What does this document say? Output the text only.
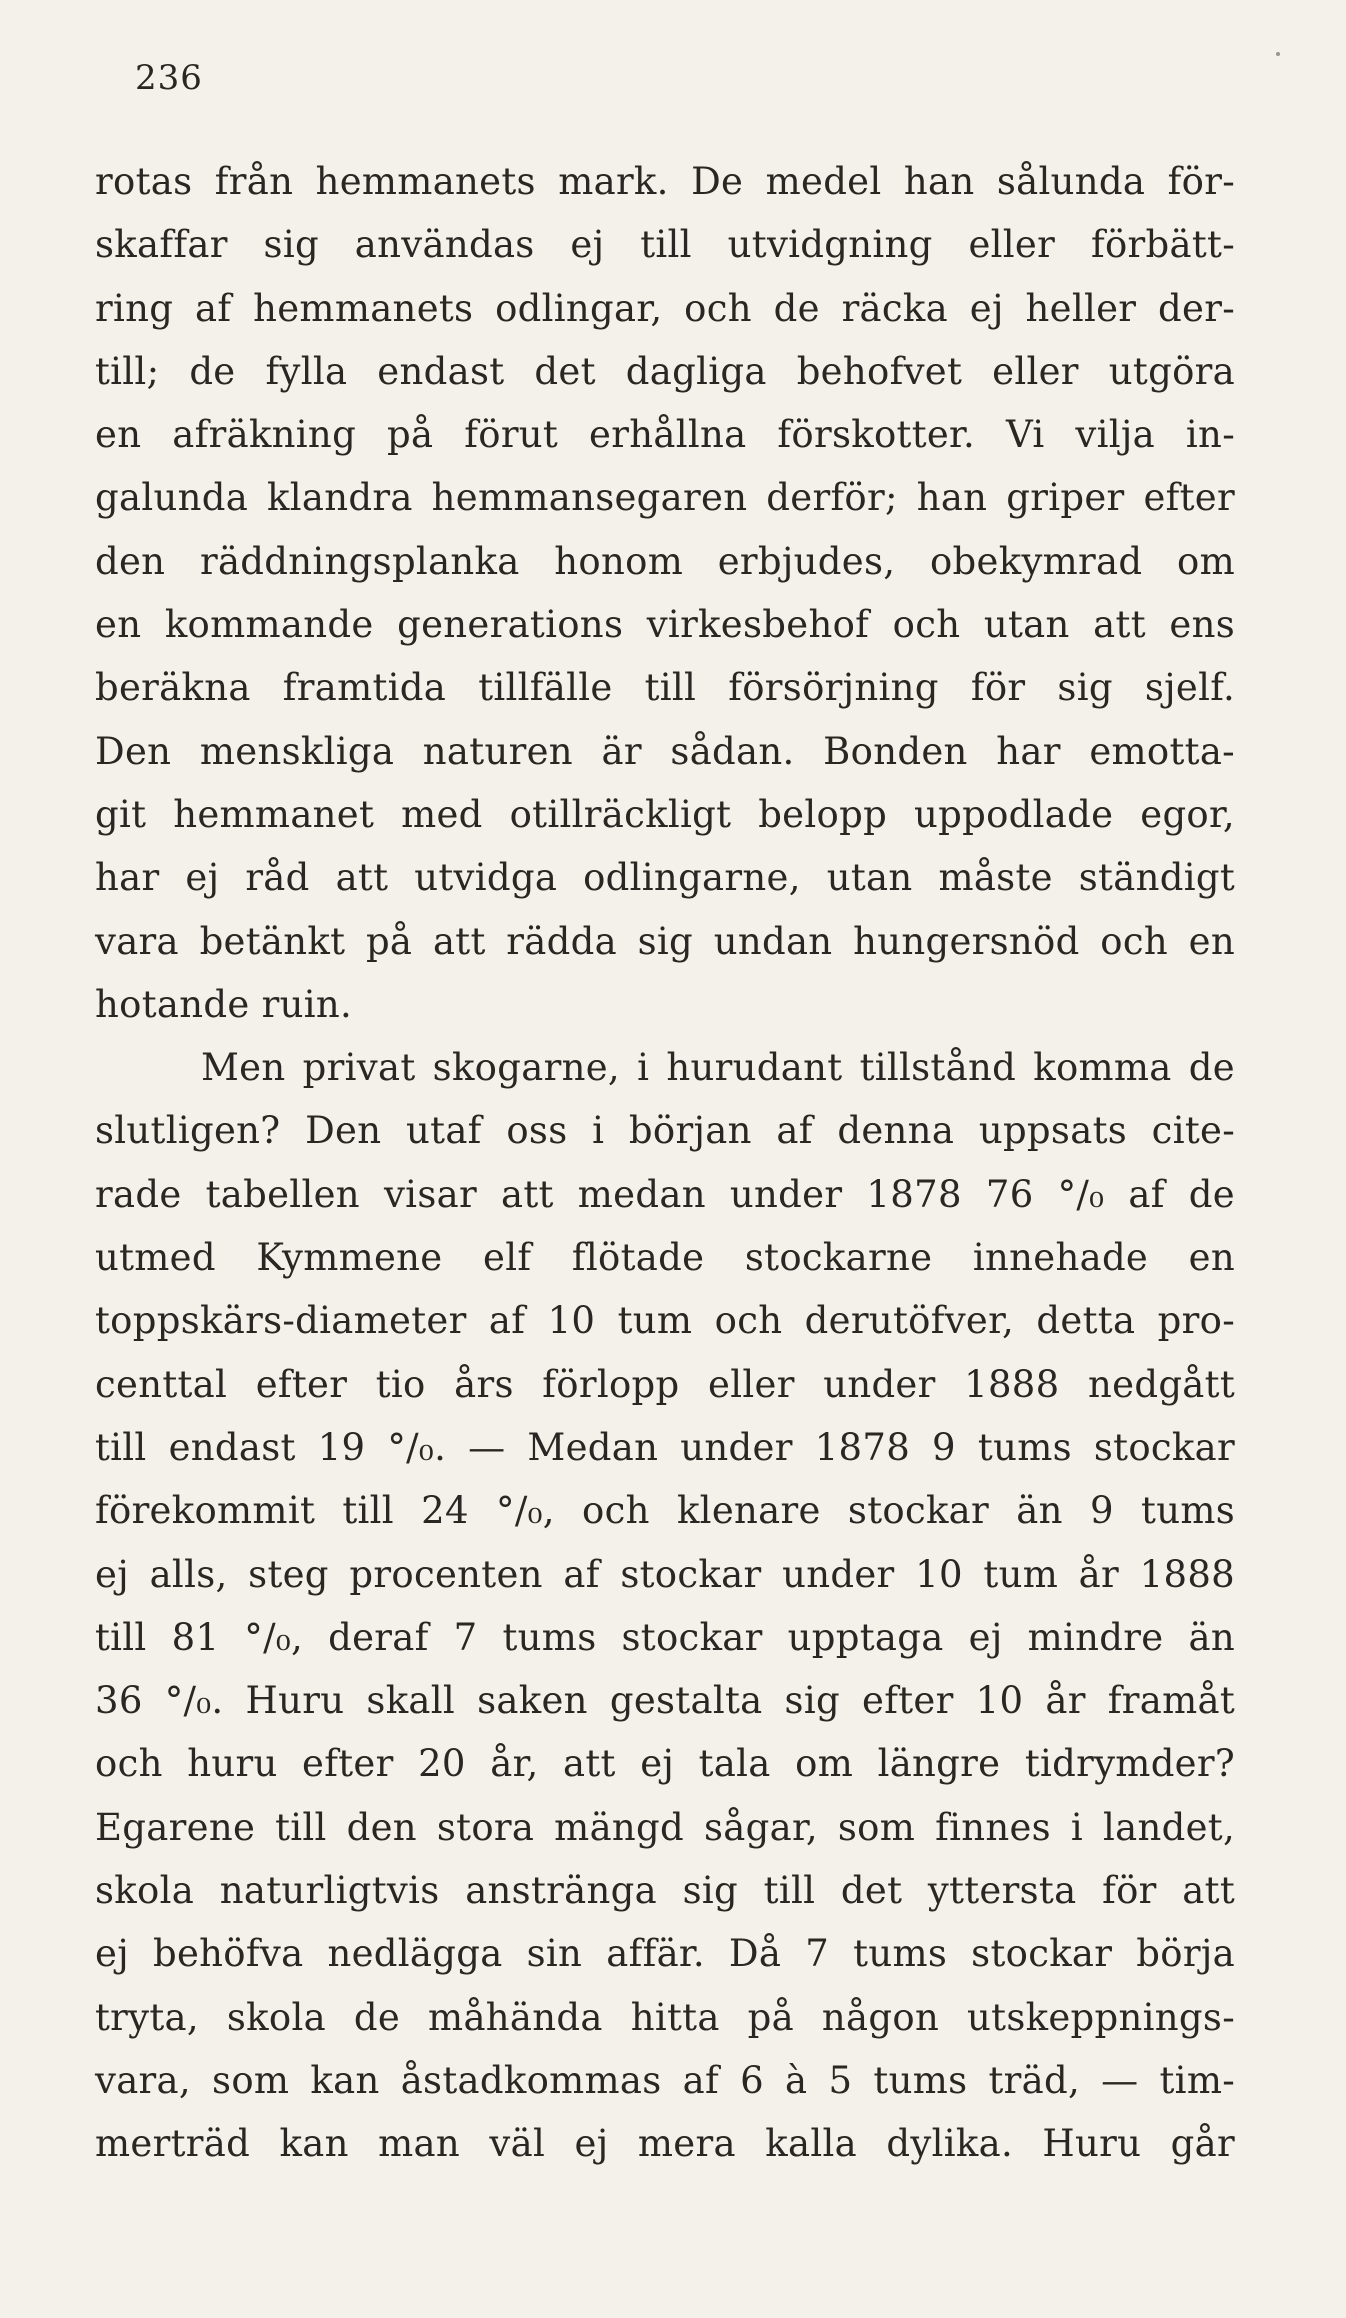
236
rotas från hemmanets mark. De medel han sålunda för-
skaffar sig användas ej till utvidgning eller förbätt-
ring af hemmanets odlingar, och de räcka ej heller der-
till; de fylla endast det dagliga behofvet eller utgöra
en afräkning på förut erhållna förskotter. Vi vilja in-
galunda klandra hemmansegaren derför; han griper efter
den räddningsplanka honom erbjudes, obekymrad om
en kommande generations virkesbehof och utan att ens
beräkna framtida tillfälle till försörjning för sig sjelf.
Den menskliga naturen är sådan. Bonden har emotta-
git hemmanet med otillräckligt belopp uppodlade egor,
har ej råd att utvidga odlingarne, utan måste ständigt
vara betänkt på att rädda sig undan hungersnöd och en
hotande ruin.
Men privat skogarne, i hurudant tillstånd komma de
slutligen? Den utaf oss i början af denna uppsats cite-
rade tabellen visar att medan under 1878 76 °/₀ af de
utmed Kymmene elf flötade stockarne innehade en
toppskärs-diameter af 10 tum och derutöfver, detta pro-
centtal efter tio års förlopp eller under 1888 nedgått
till endast 19 °/₀. — Medan under 1878 9 tums stockar
förekommit till 24 °/₀, och klenare stockar än 9 tums
ej alls, steg procenten af stockar under 10 tum år 1888
till 81 °/₀, deraf 7 tums stockar upptaga ej mindre än
36 °/₀. Huru skall saken gestalta sig efter 10 år framåt
och huru efter 20 år, att ej tala om längre tidrymder?
Egarene till den stora mängd sågar, som finnes i landet,
skola naturligtvis ansträngа sig till det yttersta för att
ej behöfva nedlägga sin affär. Då 7 tums stockar börja
tryta, skola de måhända hitta på någon utskeppnings-
vara, som kan åstadkommas af 6 à 5 tums träd, — tim-
merträd kan man väl ej mera kalla dylika. Huru går
